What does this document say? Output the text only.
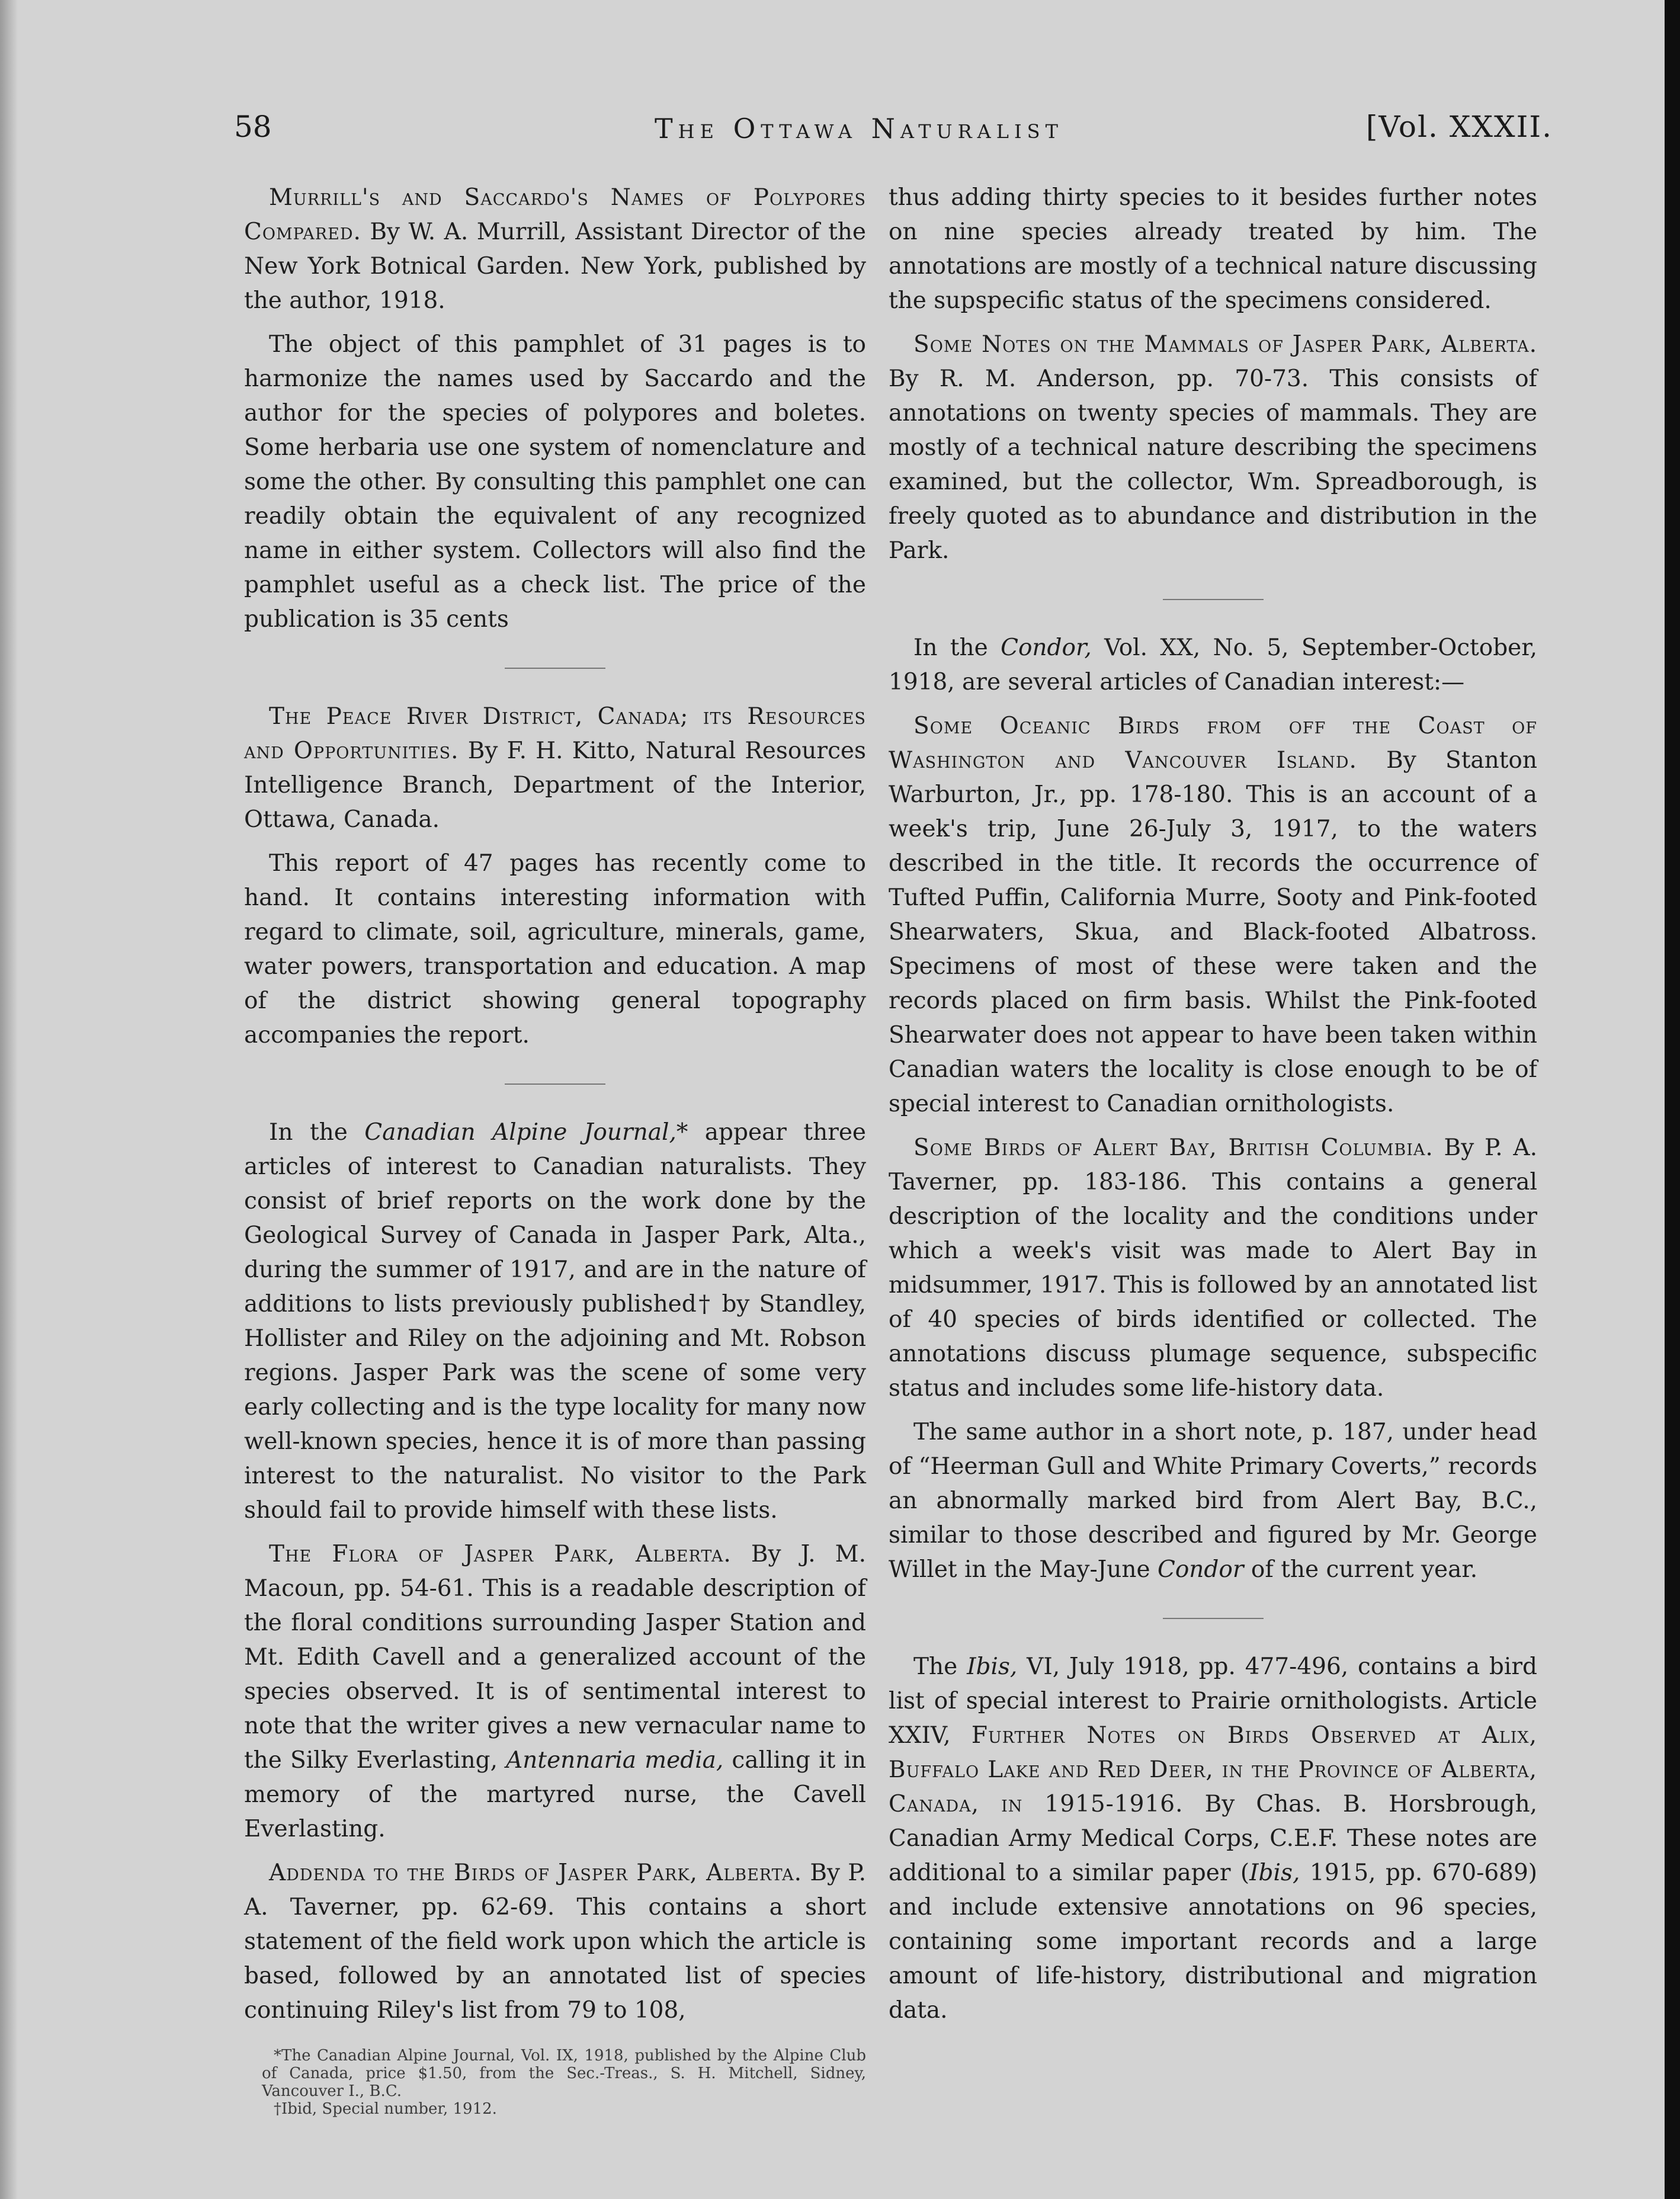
58	The Ottawa Naturalist	[Vol. XXXII.

Murrill's and Saccardo's Names of Polypores Compared. By W. A. Murrill, Assistant Director of the New York Botnical Garden. New York, published by the author, 1918.

The object of this pamphlet of 31 pages is to harmonize the names used by Saccardo and the author for the species of polypores and boletes. Some herbaria use one system of nomenclature and some the other. By consulting this pamphlet one can readily obtain the equivalent of any recognized name in either system. Collectors will also find the pamphlet useful as a check list. The price of the publication is 35 cents

The Peace River District, Canada; its Resources and Opportunities. By F. H. Kitto, Natural Resources Intelligence Branch, Department of the Interior, Ottawa, Canada.

This report of 47 pages has recently come to hand. It contains interesting information with regard to climate, soil, agriculture, minerals, game, water powers, transportation and education. A map of the district showing general topography accompanies the report.

In the Canadian Alpine Journal,* appear three articles of interest to Canadian naturalists. They consist of brief reports on the work done by the Geological Survey of Canada in Jasper Park, Alta., during the summer of 1917, and are in the nature of additions to lists previously published† by Standley, Hollister and Riley on the adjoining and Mt. Robson regions. Jasper Park was the scene of some very early collecting and is the type locality for many now well-known species, hence it is of more than passing interest to the naturalist. No visitor to the Park should fail to provide himself with these lists.

The Flora of Jasper Park, Alberta. By J. M. Macoun, pp. 54-61. This is a readable description of the floral conditions surrounding Jasper Station and Mt. Edith Cavell and a generalized account of the species observed. It is of sentimental interest to note that the writer gives a new vernacular name to the Silky Everlasting, Antennaria media, calling it in memory of the martyred nurse, the Cavell Everlasting.

Addenda to the Birds of Jasper Park, Alberta. By P. A. Taverner, pp. 62-69. This contains a short statement of the field work upon which the article is based, followed by an annotated list of species continuing Riley's list from 79 to 108,

*The Canadian Alpine Journal, Vol. IX, 1918, published by the Alpine Club of Canada, price $1.50, from the Sec.-Treas., S. H. Mitchell, Sidney, Vancouver I., B.C.

†Ibid, Special number, 1912.

thus adding thirty species to it besides further notes on nine species already treated by him. The annotations are mostly of a technical nature discussing the supspecific status of the specimens considered.

Some Notes on the Mammals of Jasper Park, Alberta. By R. M. Anderson, pp. 70-73. This consists of annotations on twenty species of mammals. They are mostly of a technical nature describing the specimens examined, but the collector, Wm. Spreadborough, is freely quoted as to abundance and distribution in the Park.

In the Condor, Vol. XX, No. 5, September-October, 1918, are several articles of Canadian interest:—

Some Oceanic Birds from off the Coast of Washington and Vancouver Island. By Stanton Warburton, Jr., pp. 178-180. This is an account of a week's trip, June 26-July 3, 1917, to the waters described in the title. It records the occurrence of Tufted Puffin, California Murre, Sooty and Pink-footed Shearwaters, Skua, and Black-footed Albatross. Specimens of most of these were taken and the records placed on firm basis. Whilst the Pink-footed Shearwater does not appear to have been taken within Canadian waters the locality is close enough to be of special interest to Canadian ornithologists.

Some Birds of Alert Bay, British Columbia. By P. A. Taverner, pp. 183-186. This contains a general description of the locality and the conditions under which a week's visit was made to Alert Bay in midsummer, 1917. This is followed by an annotated list of 40 species of birds identified or collected. The annotations discuss plumage sequence, subspecific status and includes some life-history data.

The same author in a short note, p. 187, under head of “Heerman Gull and White Primary Coverts,” records an abnormally marked bird from Alert Bay, B.C., similar to those described and figured by Mr. George Willet in the May-June Condor of the current year.

The Ibis, VI, July 1918, pp. 477-496, contains a bird list of special interest to Prairie ornithologists. Article XXIV, Further Notes on Birds Observed at Alix, Buffalo Lake and Red Deer, in the Province of Alberta, Canada, in 1915-1916. By Chas. B. Horsbrough, Canadian Army Medical Corps, C.E.F. These notes are additional to a similar paper (Ibis, 1915, pp. 670-689) and include extensive annotations on 96 species, containing some important records and a large amount of life-history, distributional and migration data.
